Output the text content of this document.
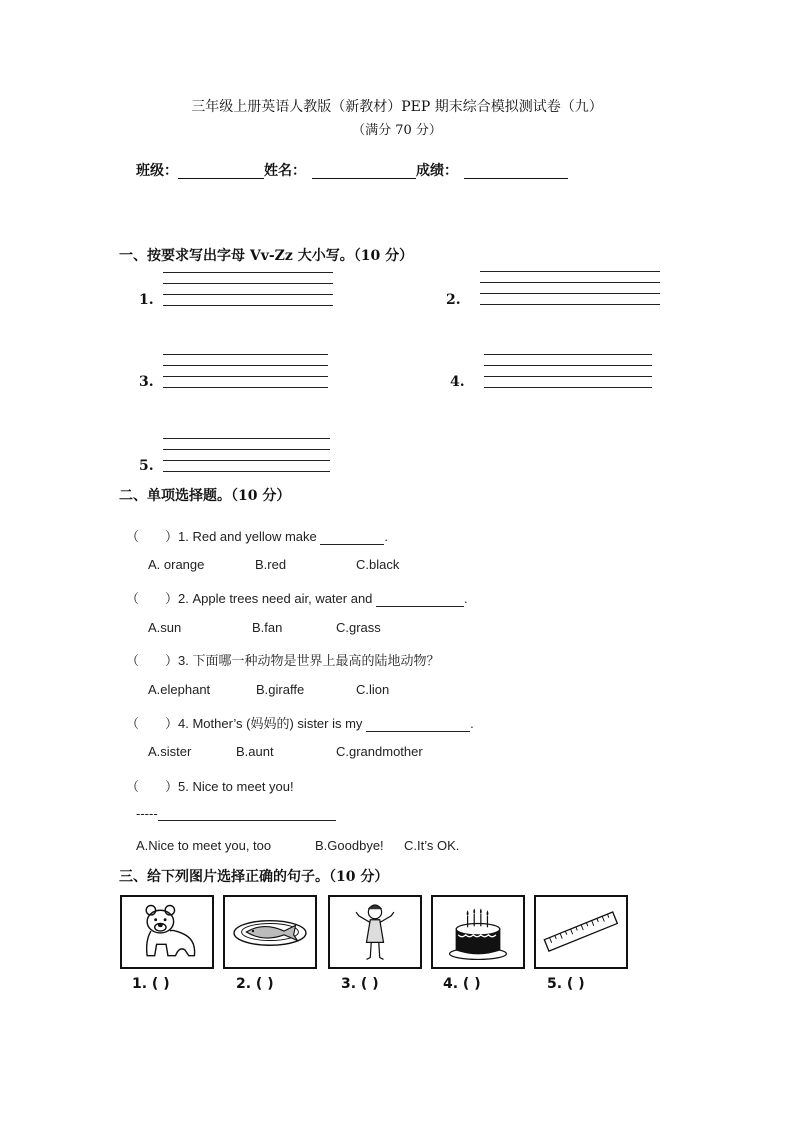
三年级上册英语人教版（新教材）PEP 期末综合模拟测试卷（九）
（满分 70 分）
班级：	姓名：	成绩：
一、按要求写出字母 Vv-Zz 大小写。（10 分）
1.	2.
3.	4.
5.
二、单项选择题。（10 分）
（　　）1. Red and yellow make	.
A. orange	B.red	C.black
（　　）2. Apple trees need air, water and	.
A.sun	B.fan	C.grass
（　　）3. 下面哪一种动物是世界上最高的陆地动物？
A.elephant	B.giraffe	C.lion
（　　）4. Mother’s (妈妈的) sister is my	.
A.sister	B.aunt	C.grandmother
（　　）5. Nice to meet you!
-----
A.Nice to meet you, too	B.Goodbye! C.It’s OK.
三、给下列图片选择正确的句子。（10 分）
1. ( )	2. ( )	3. ( )	4. ( )	5. ( )
